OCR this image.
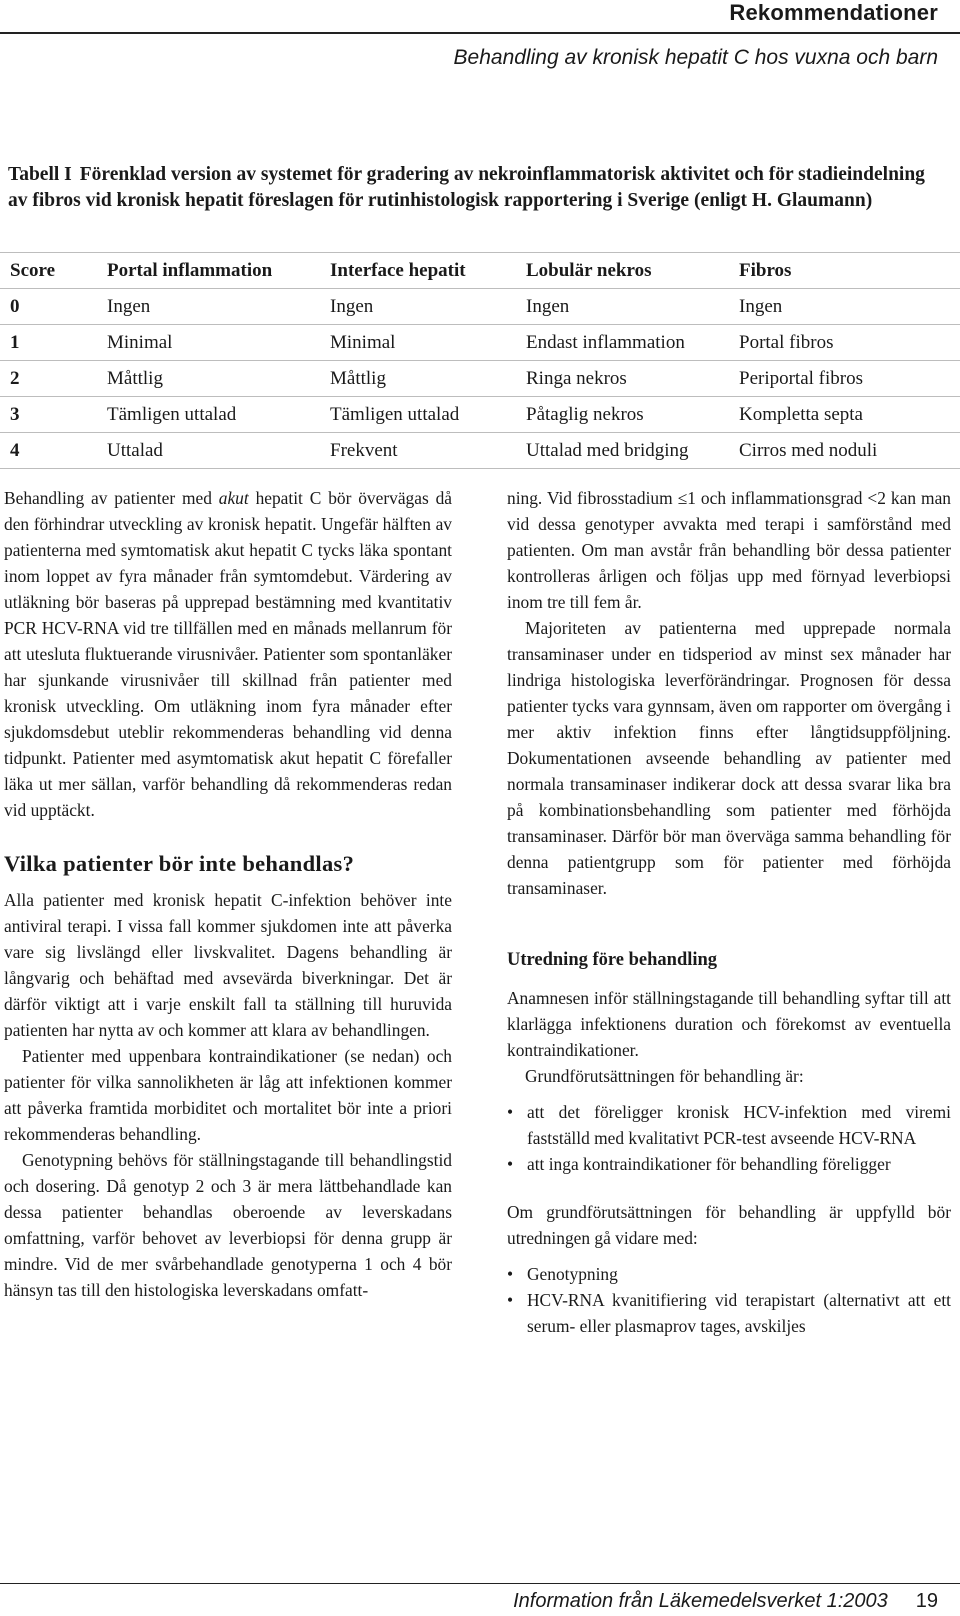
Rekommendationer
Behandling av kronisk hepatit C hos vuxna och barn
Tabell I Förenklad version av systemet för gradering av nekroinflammatorisk aktivitet och för stadieindelning av fibros vid kronisk hepatit föreslagen för rutinhistologisk rapportering i Sverige (enligt H. Glaumann)
Score	Portal inflammation	Interface hepatit	Lobulär nekros	Fibros
0	Ingen	Ingen	Ingen	Ingen
1	Minimal	Minimal	Endast inflammation	Portal fibros
2	Måttlig	Måttlig	Ringa nekros	Periportal fibros
3	Tämligen uttalad	Tämligen uttalad	Påtaglig nekros	Kompletta septa
4	Uttalad	Frekvent	Uttalad med bridging	Cirros med noduli

Behandling av patienter med akut hepatit C bör övervägas då den förhindrar utveckling av kronisk hepatit. Ungefär hälften av patienterna med symtomatisk akut hepatit C tycks läka spontant inom loppet av fyra månader från symtomdebut. Värdering av utläkning bör baseras på upprepad bestämning med kvantitativ PCR HCV-RNA vid tre tillfällen med en månads mellanrum för att utesluta fluktuerande virusnivåer. Patienter som spontanläker har sjunkande virusnivåer till skillnad från patienter med kronisk utveckling. Om utläkning inom fyra månader efter sjukdomsdebut uteblir rekommenderas behandling vid denna tidpunkt. Patienter med asymtomatisk akut hepatit C förefaller läka ut mer sällan, varför behandling då rekommenderas redan vid upptäckt.

Vilka patienter bör inte behandlas?

Alla patienter med kronisk hepatit C-infektion behöver inte antiviral terapi. I vissa fall kommer sjukdomen inte att påverka vare sig livslängd eller livskvalitet. Dagens behandling är långvarig och behäftad med avsevärda biverkningar. Det är därför viktigt att i varje enskilt fall ta ställning till huruvida patienten har nytta av och kommer att klara av behandlingen.

Patienter med uppenbara kontraindikationer (se nedan) och patienter för vilka sannolikheten är låg att infektionen kommer att påverka framtida morbiditet och mortalitet bör inte a priori rekommenderas behandling.

Genotypning behövs för ställningstagande till behandlingstid och dosering. Då genotyp 2 och 3 är mera lättbehandlade kan dessa patienter behandlas oberoende av leverskadans omfattning, varför behovet av leverbiopsi för denna grupp är mindre. Vid de mer svårbehandlade genotyperna 1 och 4 bör hänsyn tas till den histologiska leverskadans omfatt-

ning. Vid fibrosstadium ≤1 och inflammationsgrad <2 kan man vid dessa genotyper avvakta med terapi i samförstånd med patienten. Om man avstår från behandling bör dessa patienter kontrolleras årligen och följas upp med förnyad leverbiopsi inom tre till fem år.

Majoriteten av patienterna med upprepade normala transaminaser under en tidsperiod av minst sex månader har lindriga histologiska leverförändringar. Prognosen för dessa patienter tycks vara gynnsam, även om rapporter om övergång i mer aktiv infektion finns efter långtidsuppföljning. Dokumentationen avseende behandling av patienter med normala transaminaser indikerar dock att dessa svarar lika bra på kombinationsbehandling som patienter med förhöjda transaminaser. Därför bör man överväga samma behandling för denna patientgrupp som för patienter med förhöjda transaminaser.

Utredning före behandling

Anamnesen inför ställningstagande till behandling syftar till att klarlägga infektionens duration och förekomst av eventuella kontraindikationer.

Grundförutsättningen för behandling är:

• att det föreligger kronisk HCV-infektion med viremi fastställd med kvalitativt PCR-test avseende HCV-RNA
• att inga kontraindikationer för behandling föreligger

Om grundförutsättningen för behandling är uppfylld bör utredningen gå vidare med:

• Genotypning
• HCV-RNA kvanitifiering vid terapistart (alternativt att ett serum- eller plasmaprov tages, avskiljes
Information från Läkemedelsverket 1:2003 19
